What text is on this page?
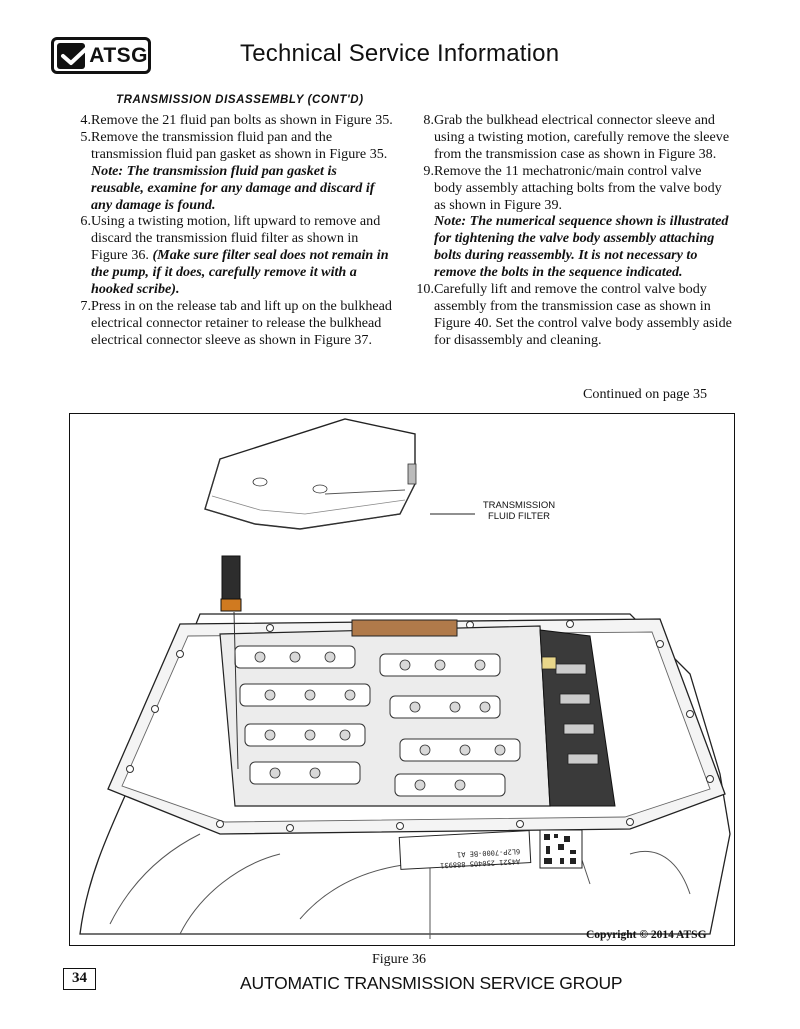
ATSG	Technical Service Information
TRANSMISSION DISASSEMBLY (CONT'D)
4. Remove the 21 fluid pan bolts as shown in Figure 35.
5. Remove the transmission fluid pan and the transmission fluid pan gasket as shown in Figure 35.
Note: The transmission fluid pan gasket is reusable, examine for any damage and discard if any damage is found.
6. Using a twisting motion, lift upward to remove and discard the transmission fluid filter as shown in Figure 36. (Make sure filter seal does not remain in the pump, if it does, carefully remove it with a hooked scribe).
7. Press in on the release tab and lift up on the bulkhead electrical connector retainer to release the bulkhead electrical connector sleeve as shown in Figure 37.
8. Grab the bulkhead electrical connector sleeve and using a twisting motion, carefully remove the sleeve from the transmission case as shown in Figure 38.
9. Remove the 11 mechatronic/main control valve body assembly attaching bolts from the valve body as shown in Figure 39.
Note: The numerical sequence shown is illustrated for tightening the valve body assembly attaching bolts during reassembly. It is not necessary to remove the bolts in the sequence indicated.
10. Carefully lift and remove the control valve body assembly from the transmission case as shown in Figure 40. Set the control valve body assembly aside for disassembly and cleaning.
Continued on page 35
6L2P-7000-BE A1
A4321 250405 888931
TRANSMISSION
FLUID FILTER
Copyright © 2014 ATSG
Figure 36
34	AUTOMATIC TRANSMISSION SERVICE GROUP
